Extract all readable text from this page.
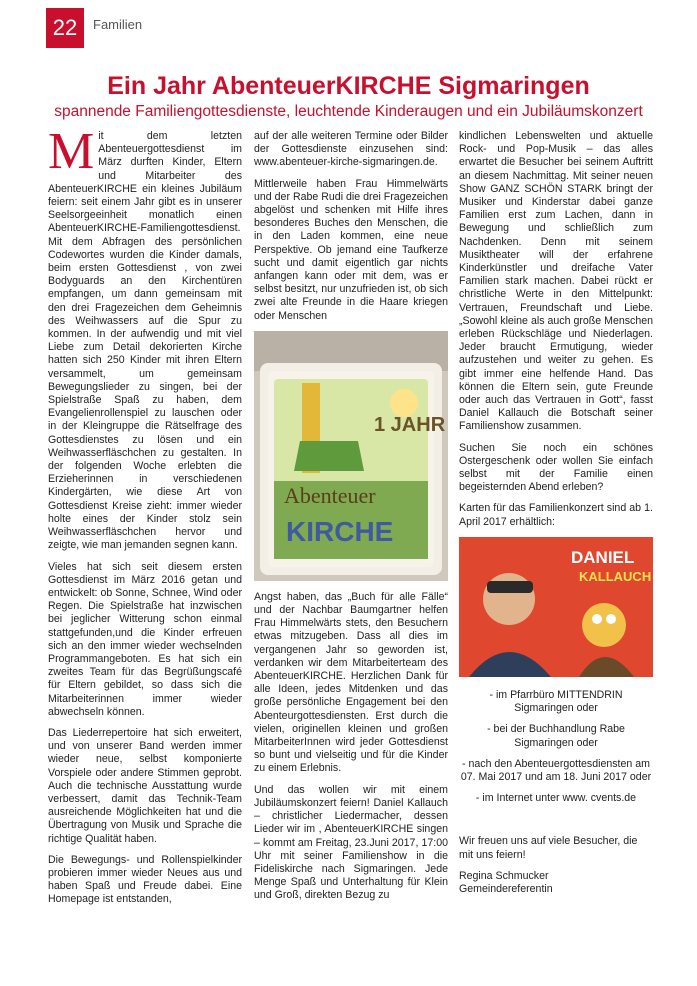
22	Familien
Ein Jahr AbenteuerKIRCHE Sigmaringen
spannende Familiengottesdienste, leuchtende Kinderaugen und ein Jubiläumskonzert

Mit dem letzten Abenteuergottesdienst im März durften Kinder, Eltern und Mitarbeiter des AbenteuerKIRCHE ein kleines Jubiläum feiern: seit einem Jahr gibt es in unserer Seelsorgeeinheit monatlich einen AbenteuerKIRCHE-Familiengottesdienst. Mit dem Abfragen des persönlichen Codewortes wurden die Kinder damals, beim ersten Gottesdienst , von zwei Bodyguards an den Kirchentüren empfangen, um dann gemeinsam mit den drei Fragezeichen dem Geheimnis des Weihwassers auf die Spur zu kommen. In der aufwendig und mit viel Liebe zum Detail dekorierten Kirche hatten sich 250 Kinder mit ihren Eltern versammelt, um gemeinsam Bewegungslieder zu singen, bei der Spielstraße Spaß zu haben, dem Evangelienrollenspiel zu lauschen oder in der Kleingruppe die Rätselfrage des Gottesdienstes zu lösen und ein Weihwasserfläschchen zu gestalten. In der folgenden Woche erlebten die Erzieherinnen in verschiedenen Kindergärten, wie diese Art von Gottesdienst Kreise zieht: immer wieder holte eines der Kinder stolz sein Weihwasserfläschchen hervor und zeigte, wie man jemanden segnen kann.

Vieles hat sich seit diesem ersten Gottesdienst im März 2016 getan und entwickelt: ob Sonne, Schnee, Wind oder Regen. Die Spielstraße hat inzwischen bei jeglicher Witterung schon einmal stattgefunden,und die Kinder erfreuen sich an den immer wieder wechselnden Programmangeboten. Es hat sich ein zweites Team für das Begrüßungscafé für Eltern gebildet, so dass sich die Mitarbeiterinnen immer wieder abwechseln können.

Das Liederrepertoire hat sich erweitert, und von unserer Band werden immer wieder neue, selbst komponierte Vorspiele oder andere Stimmen geprobt. Auch die technische Ausstattung wurde verbessert, damit das Technik-Team ausreichende Möglichkeiten hat und die Übertragung von Musik und Sprache die richtige Qualität haben.

Die Bewegungs- und Rollenspielkinder probieren immer wieder Neues aus und haben Spaß und Freude dabei. Eine Homepage ist entstanden,

auf der alle weiteren Termine oder Bilder der Gottesdienste einzusehen sind: www.abenteuer-kirche-sigmaringen.de.

Mittlerweile haben Frau Himmelwärts und der Rabe Rudi die drei Fragezeichen abgelöst und schenken mit Hilfe ihres besonderes Buches den Menschen, die in den Laden kommen, eine neue Perspektive. Ob jemand eine Taufkerze sucht und damit eigentlich gar nichts anfangen kann oder mit dem, was er selbst besitzt, nur unzufrieden ist, ob sich zwei alte Freunde in die Haare kriegen oder Menschen

1 JAHR
Abenteuer
KIRCHE

Angst haben, das „Buch für alle Fälle“ und der Nachbar Baumgartner helfen Frau Himmelwärts stets, den Besuchern etwas mitzugeben. Dass all dies im vergangenen Jahr so geworden ist, verdanken wir dem Mitarbeiterteam des AbenteuerKIRCHE. Herzlichen Dank für alle Ideen, jedes Mitdenken und das große persönliche Engagement bei den Abenteurgottesdiensten. Erst durch die vielen, originellen kleinen und großen MitarbeiterInnen wird jeder Gottesdienst so bunt und vielseitig und für die Kinder zu einem Erlebnis.

Und das wollen wir mit einem Jubiläumskonzert feiern! Daniel Kallauch – christlicher Liedermacher, dessen Lieder wir im , AbenteuerKIRCHE singen – kommt am Freitag, 23.Juni 2017, 17:00 Uhr mit seiner Familienshow in die Fideliskirche nach Sigmaringen. Jede Menge Spaß und Unterhaltung für Klein und Groß, direkten Bezug zu

kindlichen Lebenswelten und aktuelle Rock- und Pop-Musik – das alles erwartet die Besucher bei seinem Auftritt an diesem Nachmittag. Mit seiner neuen Show GANZ SCHÖN STARK bringt der Musiker und Kinderstar dabei ganze Familien erst zum Lachen, dann in Bewegung und schließlich zum Nachdenken. Denn mit seinem Musiktheater will der erfahrene Kinderkünstler und dreifache Vater Familien stark machen. Dabei rückt er christliche Werte in den Mittelpunkt: Vertrauen, Freundschaft und Liebe. „Sowohl kleine als auch große Menschen erleben Rückschläge und Niederlagen. Jeder braucht Ermutigung, wieder aufzustehen und weiter zu gehen. Es gibt immer eine helfende Hand. Das können die Eltern sein, gute Freunde oder auch das Vertrauen in Gott“, fasst Daniel Kallauch die Botschaft seiner Familienshow zusammen.

Suchen Sie noch ein schönes Ostergeschenk oder wollen Sie einfach selbst mit der Familie einen begeisternden Abend erleben?

Karten für das Familienkonzert sind ab 1. April 2017 erhältlich:

DANIEL
KALLAUCH

- im Pfarrbüro MITTENDRIN Sigmaringen oder

- bei der Buchhandlung Rabe Sigmaringen oder

- nach den Abenteuergottesdiensten am 07. Mai 2017 und am 18. Juni 2017 oder

- im Internet unter www. cvents.de

Wir freuen uns auf viele Besucher, die mit uns feiern!

Regina Schmucker

Gemeindereferentin
